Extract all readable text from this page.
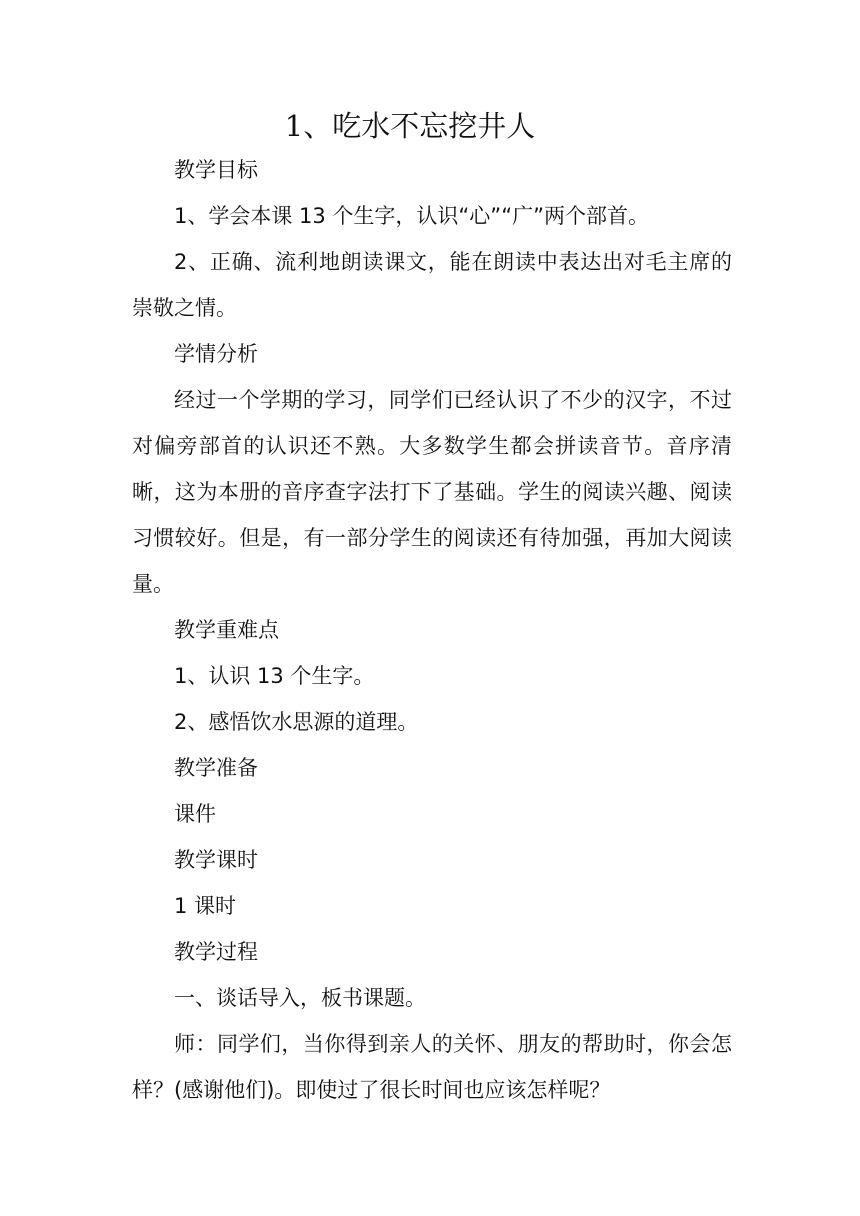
1、吃水不忘挖井人

教学目标

1、学会本课 13 个生字，认识“心”“广”两个部首。

2、正确、流利地朗读课文，能在朗读中表达出对毛主席的崇敬之情。

学情分析

经过一个学期的学习，同学们已经认识了不少的汉字，不过对偏旁部首的认识还不熟。大多数学生都会拼读音节。音序清晰，这为本册的音序查字法打下了基础。学生的阅读兴趣、阅读习惯较好。但是，有一部分学生的阅读还有待加强，再加大阅读量。

教学重难点

1、认识 13 个生字。

2、感悟饮水思源的道理。

教学准备

课件

教学课时

1 课时

教学过程

一、谈话导入，板书课题。

师：同学们，当你得到亲人的关怀、朋友的帮助时，你会怎样？(感谢他们)。即使过了很长时间也应该怎样呢？
